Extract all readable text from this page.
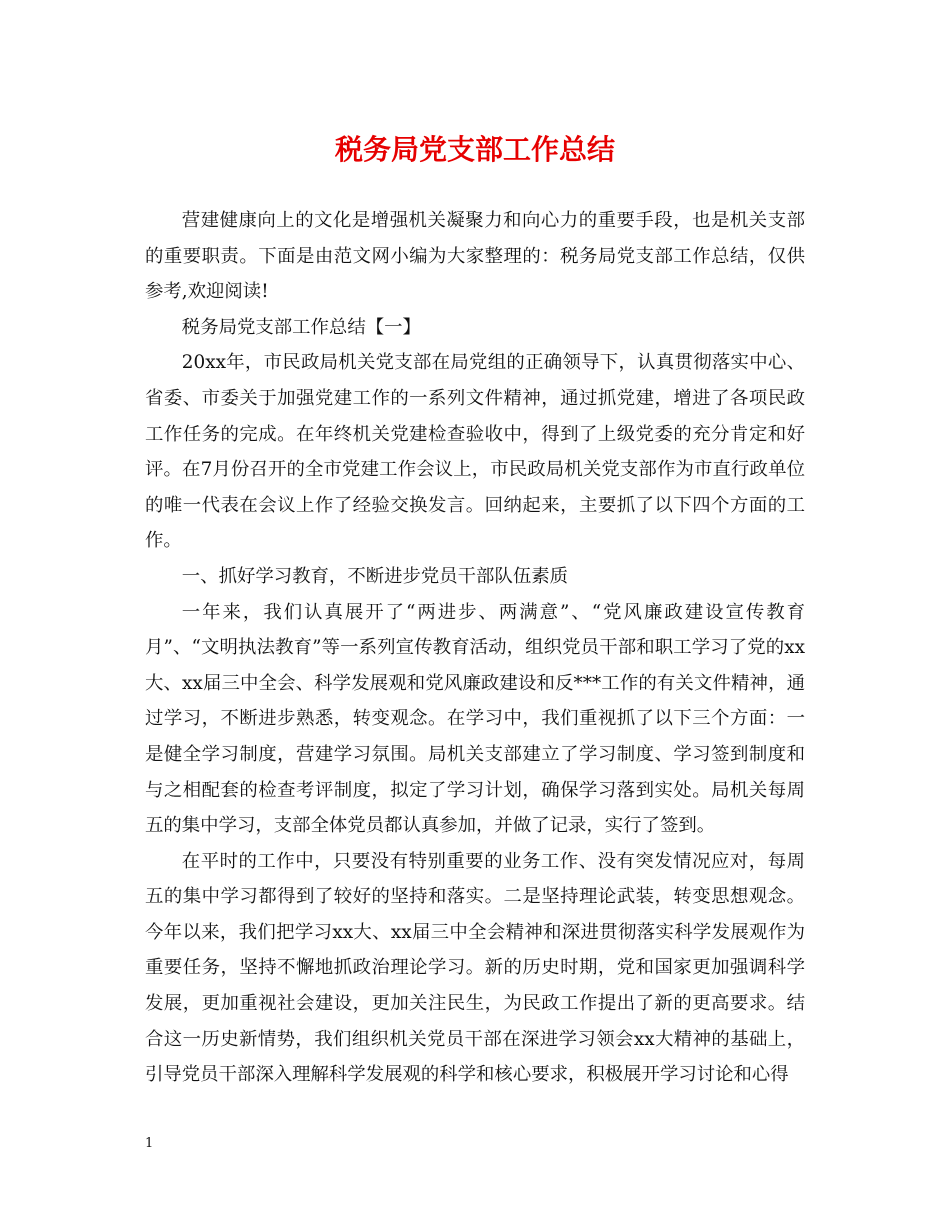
税务局党支部工作总结

营建健康向上的文化是增强机关凝聚力和向心力的重要手段，也是机关支部的重要职责。下面是由范文网小编为大家整理的：税务局党支部工作总结，仅供参考,欢迎阅读!

税务局党支部工作总结【一】

20xx年，市民政局机关党支部在局党组的正确领导下，认真贯彻落实中心、省委、市委关于加强党建工作的一系列文件精神，通过抓党建，增进了各项民政工作任务的完成。在年终机关党建检查验收中，得到了上级党委的充分肯定和好评。在7月份召开的全市党建工作会议上，市民政局机关党支部作为市直行政单位的唯一代表在会议上作了经验交换发言。回纳起来，主要抓了以下四个方面的工作。

一、抓好学习教育，不断进步党员干部队伍素质

一年来，我们认真展开了“两进步、两满意”、“党风廉政建设宣传教育月”、“文明执法教育”等一系列宣传教育活动，组织党员干部和职工学习了党的xx大、xx届三中全会、科学发展观和党风廉政建设和反***工作的有关文件精神，通过学习，不断进步熟悉，转变观念。在学习中，我们重视抓了以下三个方面：一是健全学习制度，营建学习氛围。局机关支部建立了学习制度、学习签到制度和与之相配套的检查考评制度，拟定了学习计划，确保学习落到实处。局机关每周五的集中学习，支部全体党员都认真参加，并做了记录，实行了签到。

在平时的工作中，只要没有特别重要的业务工作、没有突发情况应对，每周五的集中学习都得到了较好的坚持和落实。二是坚持理论武装，转变思想观念。今年以来，我们把学习xx大、xx届三中全会精神和深进贯彻落实科学发展观作为重要任务，坚持不懈地抓政治理论学习。新的历史时期，党和国家更加强调科学发展，更加重视社会建设，更加关注民生，为民政工作提出了新的更高要求。结合这一历史新情势，我们组织机关党员干部在深进学习领会xx大精神的基础上，引导党员干部深入理解科学发展观的科学和核心要求，积极展开学习讨论和心得

1
